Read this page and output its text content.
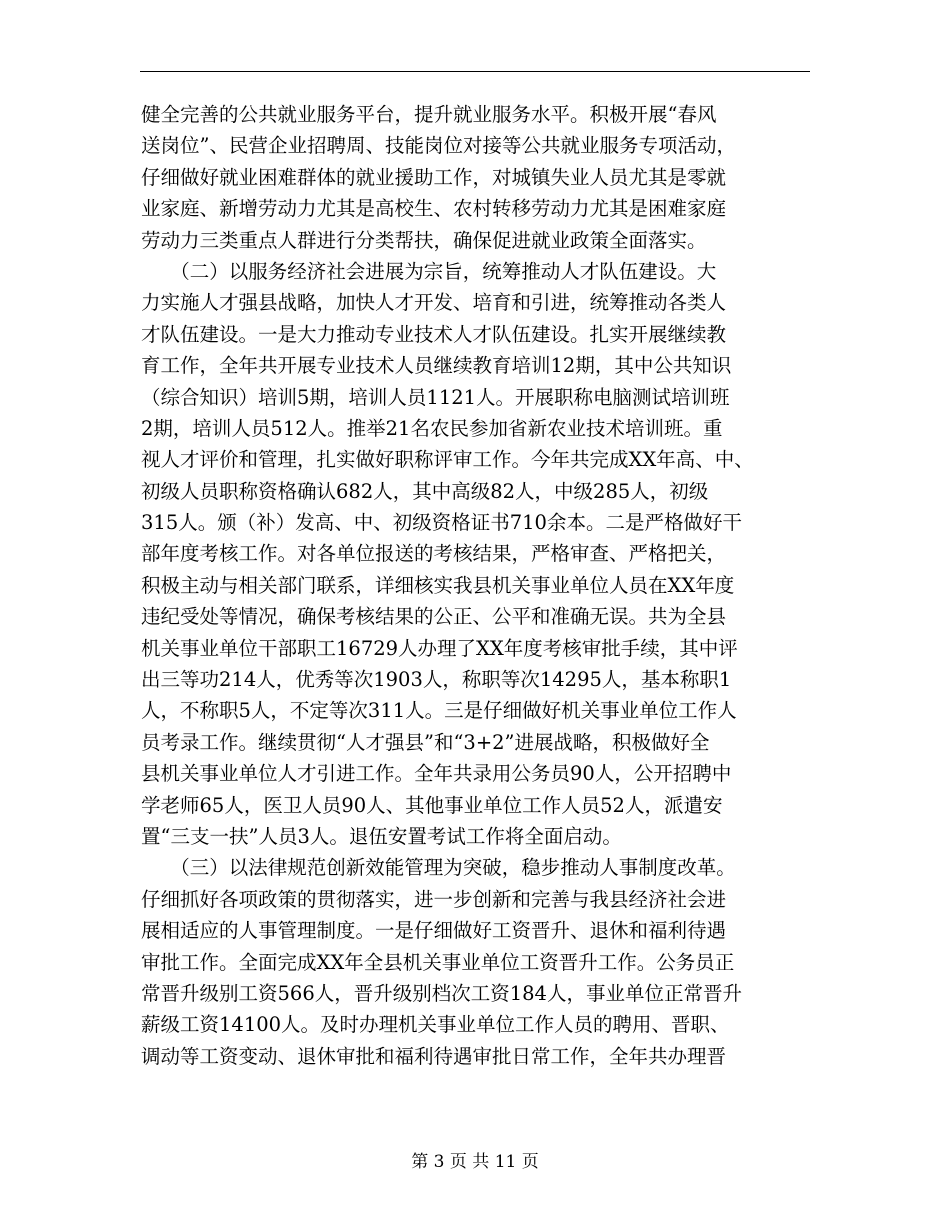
健全完善的公共就业服务平台，提升就业服务水平。积极开展“春风
送岗位”、民营企业招聘周、技能岗位对接等公共就业服务专项活动，
仔细做好就业困难群体的就业援助工作，对城镇失业人员尤其是零就
业家庭、新增劳动力尤其是高校生、农村转移劳动力尤其是困难家庭
劳动力三类重点人群进行分类帮扶，确保促进就业政策全面落实。
　　（二）以服务经济社会进展为宗旨，统筹推动人才队伍建设。大
力实施人才强县战略，加快人才开发、培育和引进，统筹推动各类人
才队伍建设。一是大力推动专业技术人才队伍建设。扎实开展继续教
育工作，全年共开展专业技术人员继续教育培训12期，其中公共知识
（综合知识）培训5期，培训人员1121人。开展职称电脑测试培训班
2期，培训人员512人。推举21名农民参加省新农业技术培训班。重
视人才评价和管理，扎实做好职称评审工作。今年共完成XX年高、中、
初级人员职称资格确认682人，其中高级82人，中级285人，初级
315人。颁（补）发高、中、初级资格证书710余本。二是严格做好干
部年度考核工作。对各单位报送的考核结果，严格审查、严格把关，
积极主动与相关部门联系，详细核实我县机关事业单位人员在XX年度
违纪受处等情况，确保考核结果的公正、公平和准确无误。共为全县
机关事业单位干部职工16729人办理了XX年度考核审批手续，其中评
出三等功214人，优秀等次1903人，称职等次14295人，基本称职1
人，不称职5人，不定等次311人。三是仔细做好机关事业单位工作人
员考录工作。继续贯彻“人才强县”和“3+2”进展战略，积极做好全
县机关事业单位人才引进工作。全年共录用公务员90人，公开招聘中
学老师65人，医卫人员90人、其他事业单位工作人员52人，派遣安
置“三支一扶”人员3人。退伍安置考试工作将全面启动。
　　（三）以法律规范创新效能管理为突破，稳步推动人事制度改革。
仔细抓好各项政策的贯彻落实，进一步创新和完善与我县经济社会进
展相适应的人事管理制度。一是仔细做好工资晋升、退休和福利待遇
审批工作。全面完成XX年全县机关事业单位工资晋升工作。公务员正
常晋升级别工资566人，晋升级别档次工资184人，事业单位正常晋升
薪级工资14100人。及时办理机关事业单位工作人员的聘用、晋职、
调动等工资变动、退休审批和福利待遇审批日常工作，全年共办理晋
第 3 页 共 11 页
